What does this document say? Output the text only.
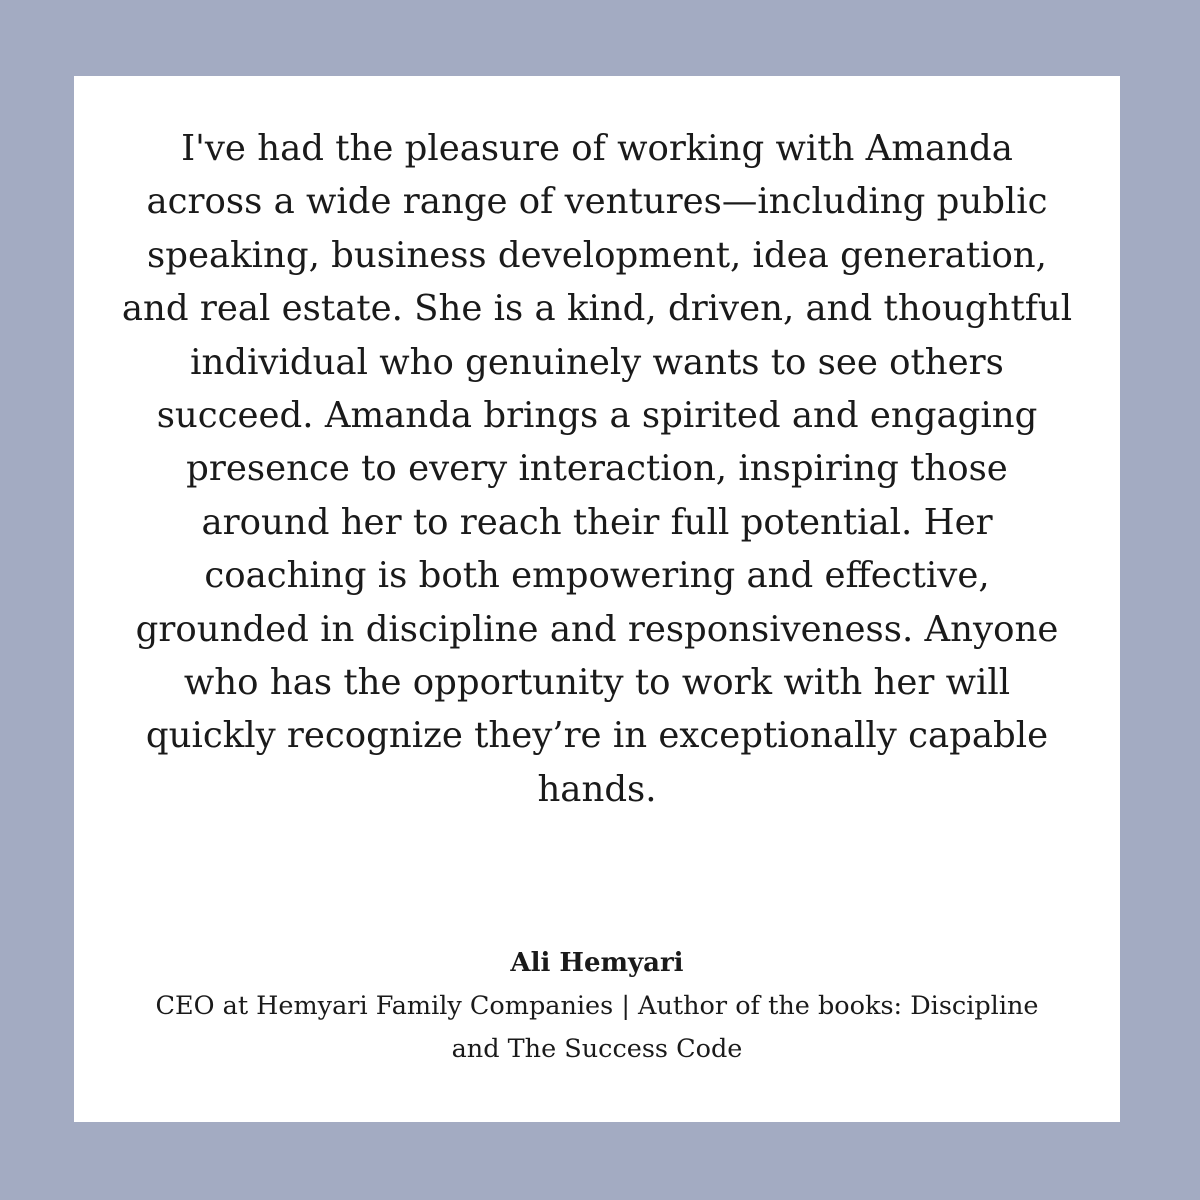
I've had the pleasure of working with Amanda
across a wide range of ventures—including public
speaking, business development, idea generation,
and real estate. She is a kind, driven, and thoughtful
individual who genuinely wants to see others
succeed. Amanda brings a spirited and engaging
presence to every interaction, inspiring those
around her to reach their full potential. Her
coaching is both empowering and effective,
grounded in discipline and responsiveness. Anyone
who has the opportunity to work with her will
quickly recognize they’re in exceptionally capable
hands.

Ali Hemyari

CEO at Hemyari Family Companies | Author of the books: Discipline
and The Success Code
